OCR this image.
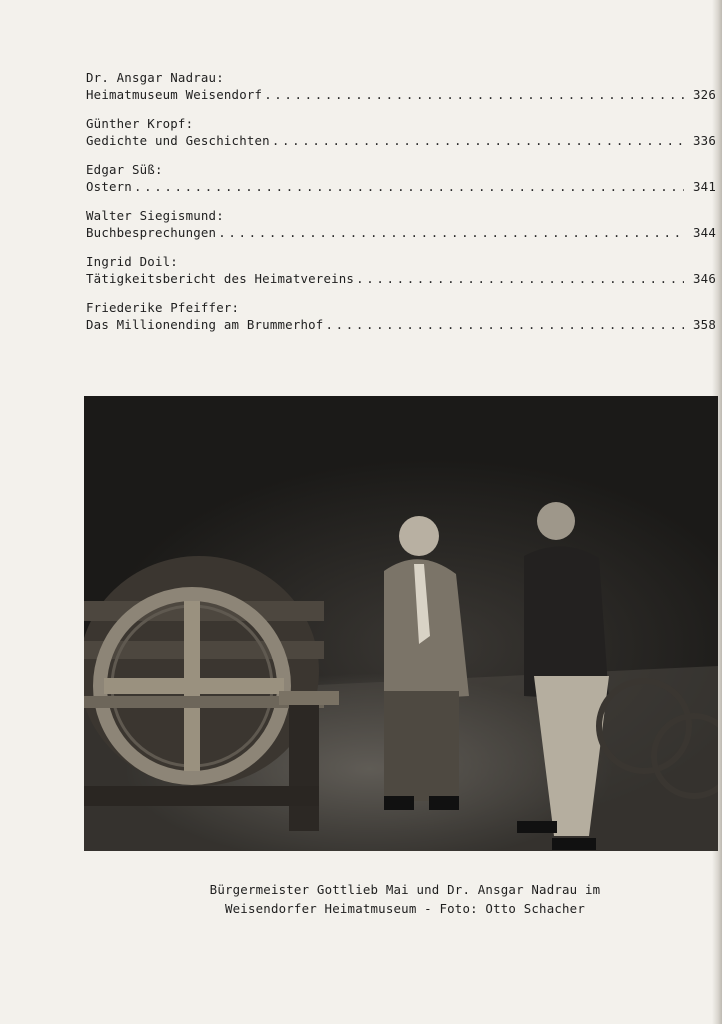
Dr. Ansgar Nadrau:
Heimatmuseum Weisendorf . . .	326
Günther Kropf:
Gedichte und Geschichten . . .	336
Edgar Süß:
Ostern . . .	341
Walter Siegismund:
Buchbesprechungen . . .	344
Ingrid Doil:
Tätigkeitsbericht des Heimatvereins . . .	346
Friederike Pfeiffer:
Das Millionending am Brummerhof . . .	358
Bürgermeister Gottlieb Mai und Dr. Ansgar Nadrau im
Weisendorfer Heimatmuseum - Foto: Otto Schacher
